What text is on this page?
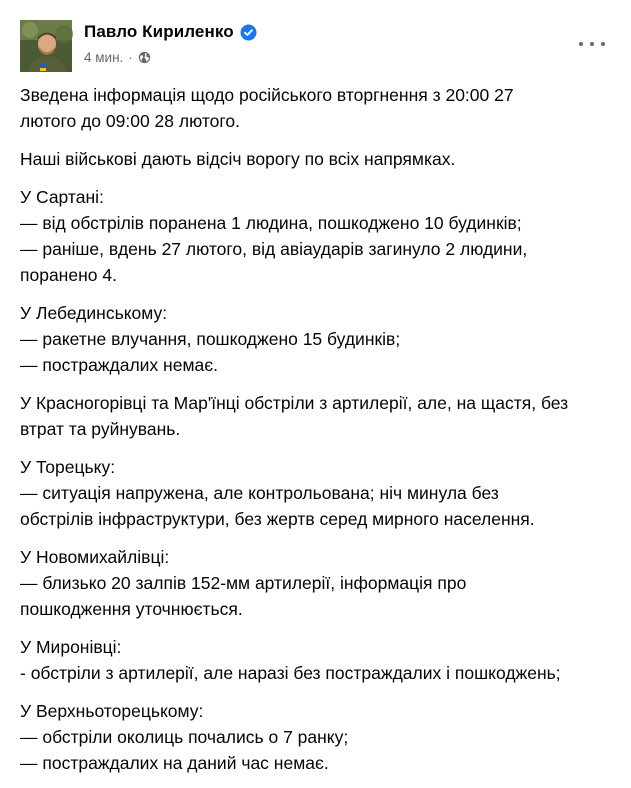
Павло Кириленко
4 мин. ·

Зведена інформація щодо російського вторгнення з 20:00 27
лютого до 09:00 28 лютого.

Наші військові дають відсіч ворогу по всіх напрямках.

У Сартані:
— від обстрілів поранена 1 людина, пошкоджено 10 будинків;
— раніше, вдень 27 лютого, від авіаударів загинуло 2 людини,
поранено 4.

У Лебединському:
— ракетне влучання, пошкоджено 15 будинків;
— постраждалих немає.

У Красногорівці та Мар'їнці обстріли з артилерії, але, на щастя, без
втрат та руйнувань.

У Торецьку:
— ситуація напружена, але контрольована; ніч минула без
обстрілів інфраструктури, без жертв серед мирного населення.

У Новомихайлівці:
— близько 20 залпів 152-мм артилерії, інформація про
пошкодження уточнюється.

У Миронівці:
- обстріли з артилерії, але наразі без постраждалих і пошкоджень;

У Верхньоторецькому:
— обстріли околиць почались о 7 ранку;
— постраждалих на даний час немає.
